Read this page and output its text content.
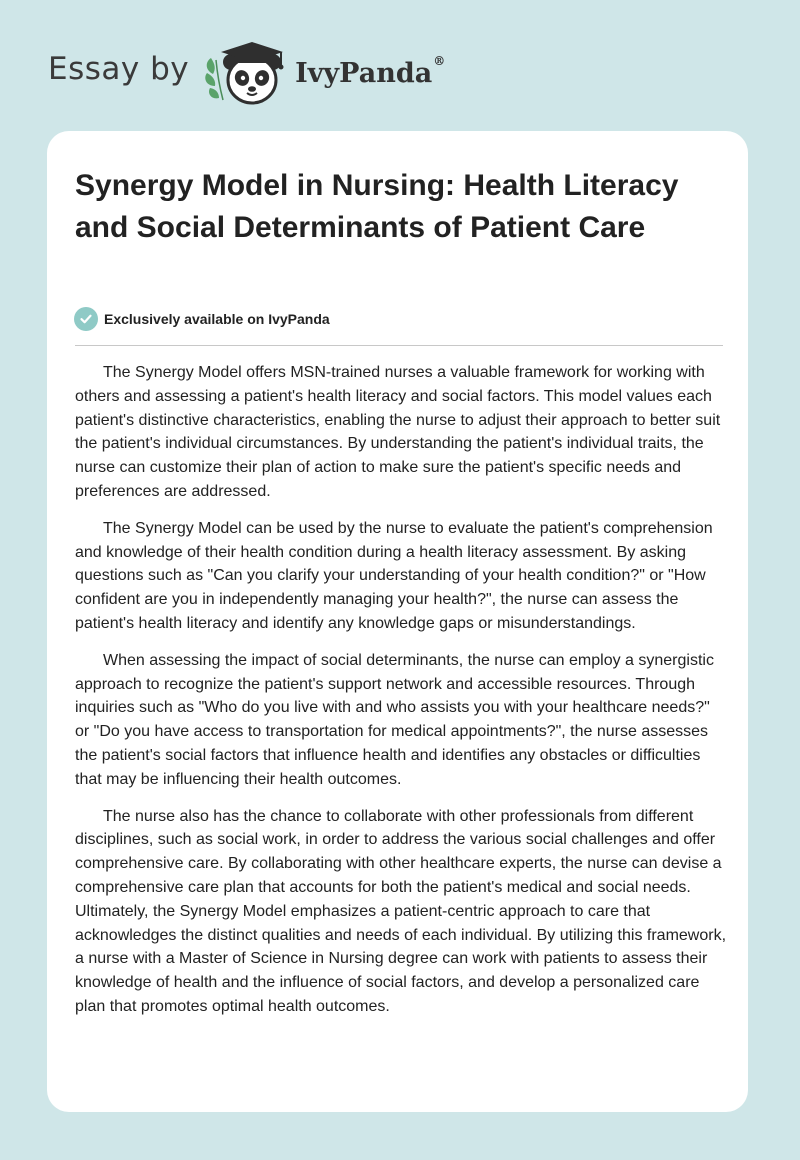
Essay by	IvyPanda®
Synergy Model in Nursing: Health Literacy and Social Determinants of Patient Care
Exclusively available on IvyPanda

The Synergy Model offers MSN-trained nurses a valuable framework for working with others and assessing a patient's health literacy and social factors. This model values each patient's distinctive characteristics, enabling the nurse to adjust their approach to better suit the patient's individual circumstances. By understanding the patient's individual traits, the nurse can customize their plan of action to make sure the patient's specific needs and preferences are addressed.

The Synergy Model can be used by the nurse to evaluate the patient's comprehension and knowledge of their health condition during a health literacy assessment. By asking questions such as "Can you clarify your understanding of your health condition?" or "How confident are you in independently managing your health?", the nurse can assess the patient's health literacy and identify any knowledge gaps or misunderstandings.

When assessing the impact of social determinants, the nurse can employ a synergistic approach to recognize the patient's support network and accessible resources. Through inquiries such as "Who do you live with and who assists you with your healthcare needs?" or "Do you have access to transportation for medical appointments?", the nurse assesses the patient's social factors that influence health and identifies any obstacles or difficulties that may be influencing their health outcomes.

The nurse also has the chance to collaborate with other professionals from different disciplines, such as social work, in order to address the various social challenges and offer comprehensive care. By collaborating with other healthcare experts, the nurse can devise a comprehensive care plan that accounts for both the patient's medical and social needs. Ultimately, the Synergy Model emphasizes a patient-centric approach to care that acknowledges the distinct qualities and needs of each individual. By utilizing this framework, a nurse with a Master of Science in Nursing degree can work with patients to assess their knowledge of health and the influence of social factors, and develop a personalized care plan that promotes optimal health outcomes.
